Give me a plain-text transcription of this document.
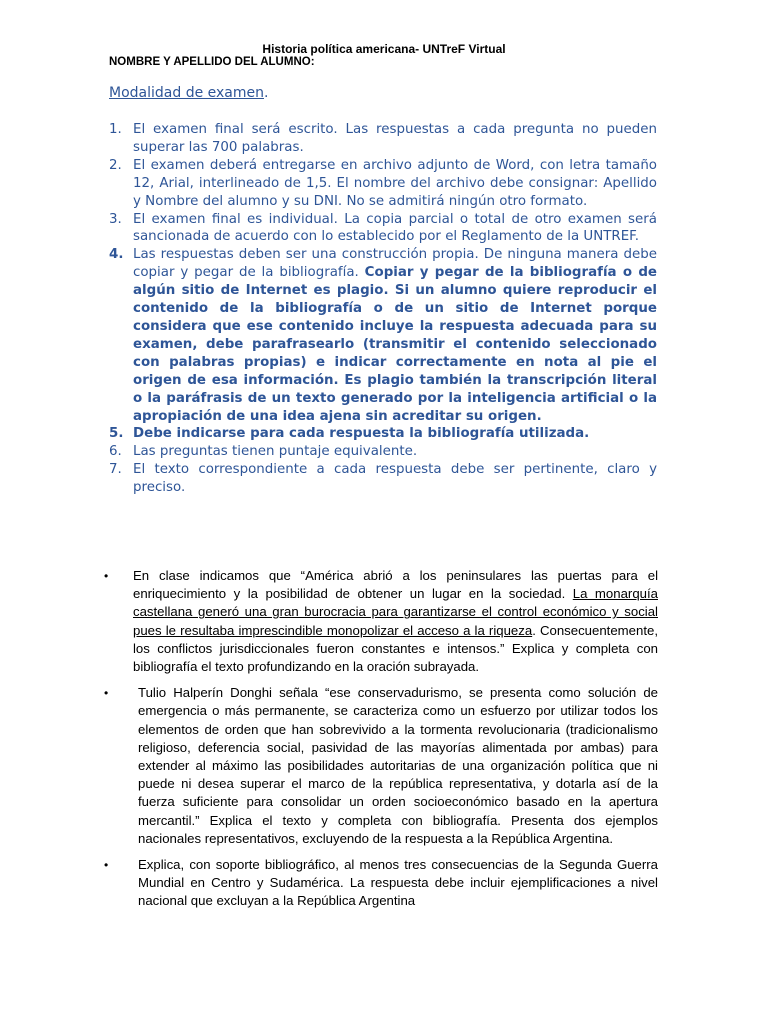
Historia política americana- UNTreF Virtual
NOMBRE Y APELLIDO DEL ALUMNO:
Modalidad de examen.
1. El examen final será escrito. Las respuestas a cada pregunta no pueden superar las 700 palabras.
2. El examen deberá entregarse en archivo adjunto de Word, con letra tamaño 12, Arial, interlineado de 1,5. El nombre del archivo debe consignar: Apellido y Nombre del alumno y su DNI. No se admitirá ningún otro formato.
3. El examen final es individual. La copia parcial o total de otro examen será sancionada de acuerdo con lo establecido por el Reglamento de la UNTREF.
4. Las respuestas deben ser una construcción propia. De ninguna manera debe copiar y pegar de la bibliografía. Copiar y pegar de la bibliografía o de algún sitio de Internet es plagio. Si un alumno quiere reproducir el contenido de la bibliografía o de un sitio de Internet porque considera que ese contenido incluye la respuesta adecuada para su examen, debe parafrasearlo (transmitir el contenido seleccionado con palabras propias) e indicar correctamente en nota al pie el origen de esa información. Es plagio también la transcripción literal o la paráfrasis de un texto generado por la inteligencia artificial o la apropiación de una idea ajena sin acreditar su origen.
5. Debe indicarse para cada respuesta la bibliografía utilizada.
6. Las preguntas tienen puntaje equivalente.
7. El texto correspondiente a cada respuesta debe ser pertinente, claro y preciso.
• En clase indicamos que “América abrió a los peninsulares las puertas para el enriquecimiento y la posibilidad de obtener un lugar en la sociedad. La monarquía castellana generó una gran burocracia para garantizarse el control económico y social pues le resultaba imprescindible monopolizar el acceso a la riqueza. Consecuentemente, los conflictos jurisdiccionales fueron constantes e intensos.” Explica y completa con bibliografía el texto profundizando en la oración subrayada.
• Tulio Halperín Donghi señala “ese conservadurismo, se presenta como solución de emergencia o más permanente, se caracteriza como un esfuerzo por utilizar todos los elementos de orden que han sobrevivido a la tormenta revolucionaria (tradicionalismo religioso, deferencia social, pasividad de las mayorías alimentada por ambas) para extender al máximo las posibilidades autoritarias de una organización política que ni puede ni desea superar el marco de la república representativa, y dotarla así de la fuerza suficiente para consolidar un orden socioeconómico basado en la apertura mercantil.” Explica el texto y completa con bibliografía. Presenta dos ejemplos nacionales representativos, excluyendo de la respuesta a la República Argentina.
• Explica, con soporte bibliográfico, al menos tres consecuencias de la Segunda Guerra Mundial en Centro y Sudamérica. La respuesta debe incluir ejemplificaciones a nivel nacional que excluyan a la República Argentina
